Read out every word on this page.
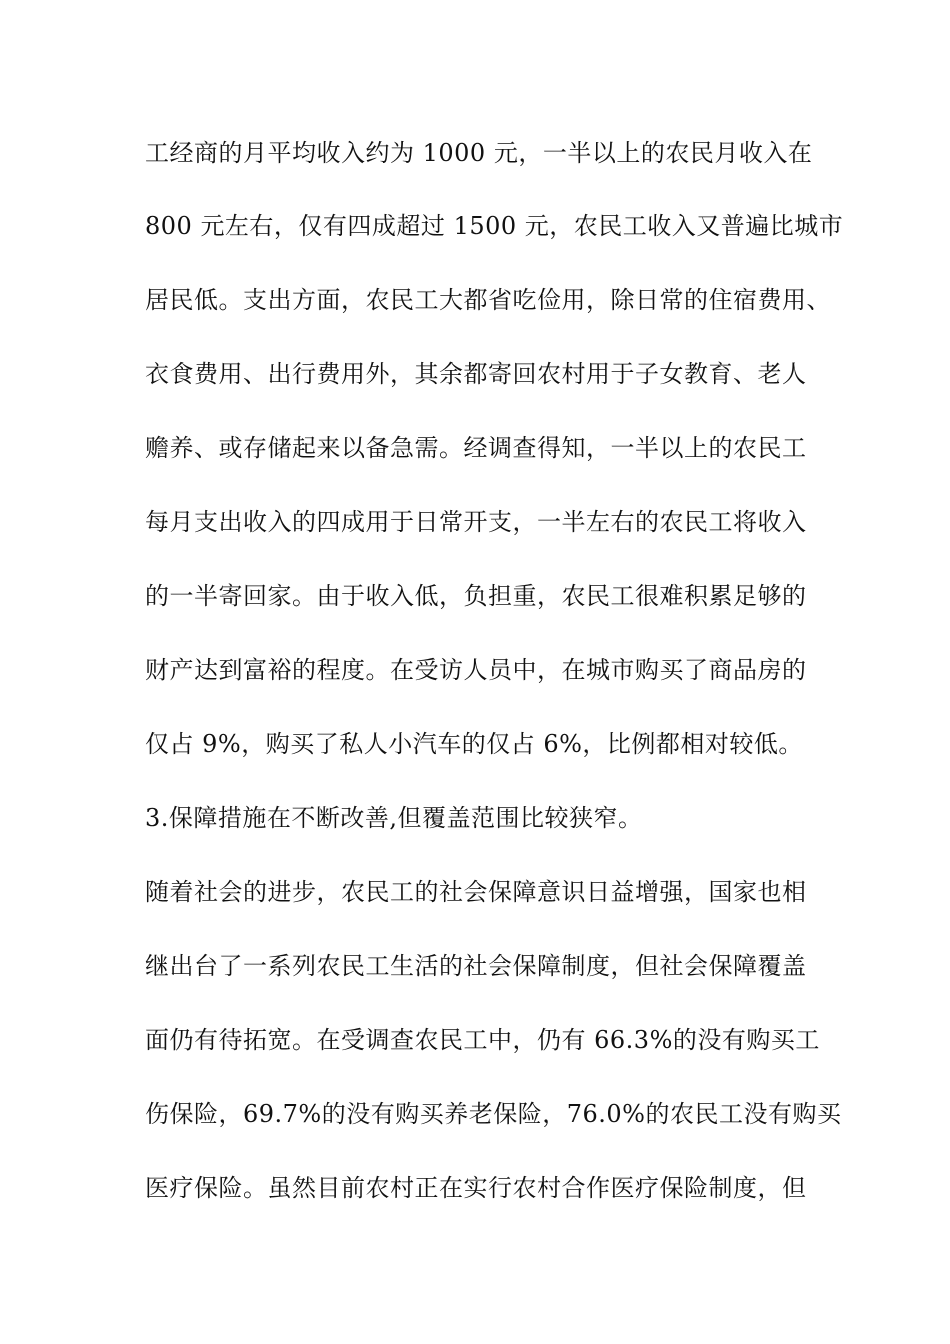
工经商的月平均收入约为 1000 元，一半以上的农民月收入在
800 元左右，仅有四成超过 1500 元，农民工收入又普遍比城市
居民低。支出方面，农民工大都省吃俭用，除日常的住宿费用、
衣食费用、出行费用外，其余都寄回农村用于子女教育、老人
赡养、或存储起来以备急需。经调查得知，一半以上的农民工
每月支出收入的四成用于日常开支，一半左右的农民工将收入
的一半寄回家。由于收入低，负担重，农民工很难积累足够的
财产达到富裕的程度。在受访人员中，在城市购买了商品房的
仅占 9%，购买了私人小汽车的仅占 6%，比例都相对较低。
3.保障措施在不断改善,但覆盖范围比较狭窄。
随着社会的进步，农民工的社会保障意识日益增强，国家也相
继出台了一系列农民工生活的社会保障制度，但社会保障覆盖
面仍有待拓宽。在受调查农民工中，仍有 66.3%的没有购买工
伤保险，69.7%的没有购买养老保险，76.0%的农民工没有购买
医疗保险。虽然目前农村正在实行农村合作医疗保险制度，但
